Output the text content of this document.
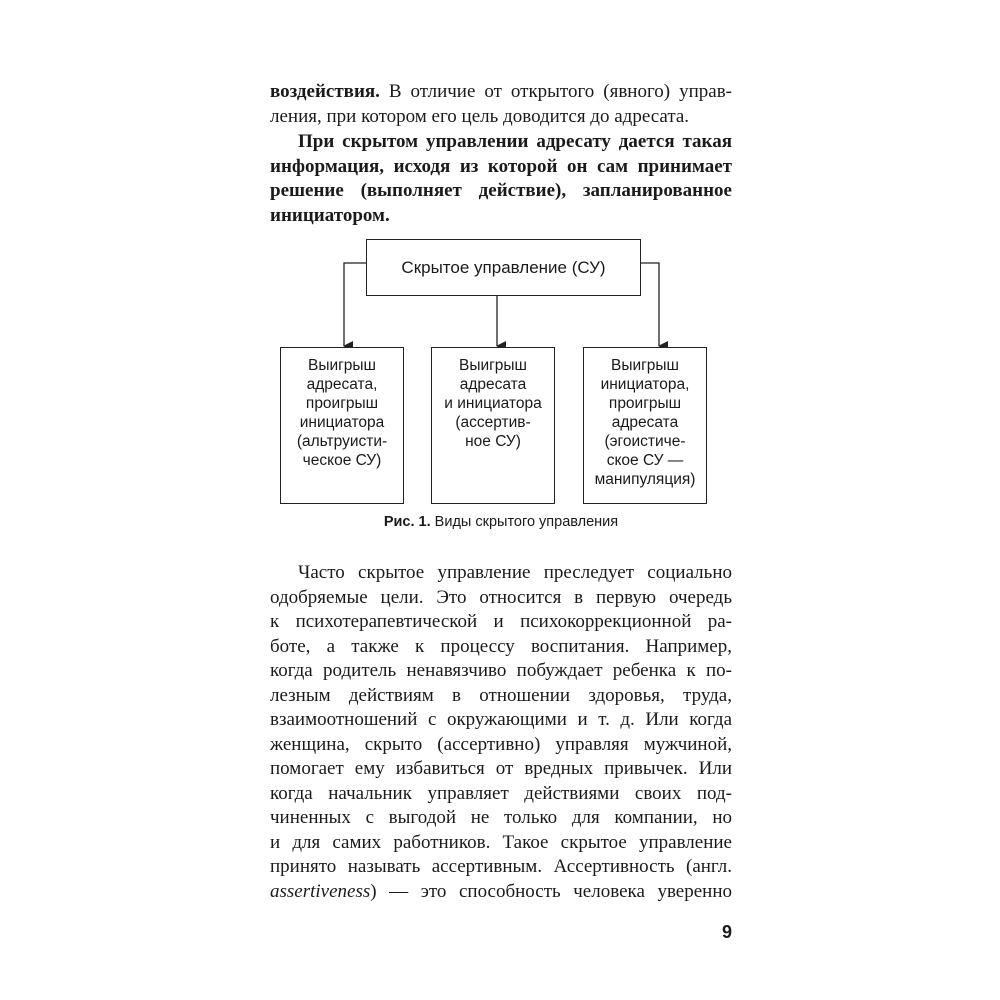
воздействия. В отличие от открытого (явного) управ-
ления, при котором его цель доводится до адресата.

При скрытом управлении адресату дается такая
информация, исходя из которой он сам принимает
решение (выполняет действие), запланированное
инициатором.

Скрытое управление (СУ)
Выигрыш
адресата,
проигрыш
инициатора
(альтруисти-
ческое СУ)
Выигрыш
адресата
и инициатора
(ассертив-
ное СУ)
Выигрыш
инициатора,
проигрыш
адресата
(эгоистиче-
ское СУ —
манипуляция)
Рис. 1. Виды скрытого управления

Часто скрытое управление преследует социально
одобряемые цели. Это относится в первую очередь
к психотерапевтической и психокоррекционной ра-
боте, а также к процессу воспитания. Например,
когда родитель ненавязчиво побуждает ребенка к по-
лезным действиям в отношении здоровья, труда,
взаимоотношений с окружающими и т. д. Или когда
женщина, скрыто (ассертивно) управляя мужчиной,
помогает ему избавиться от вредных привычек. Или
когда начальник управляет действиями своих под-
чиненных с выгодой не только для компании, но
и для самих работников. Такое скрытое управление
принято называть ассертивным. Ассертивность (англ.
assertiveness) — это способность человека уверенно

9
